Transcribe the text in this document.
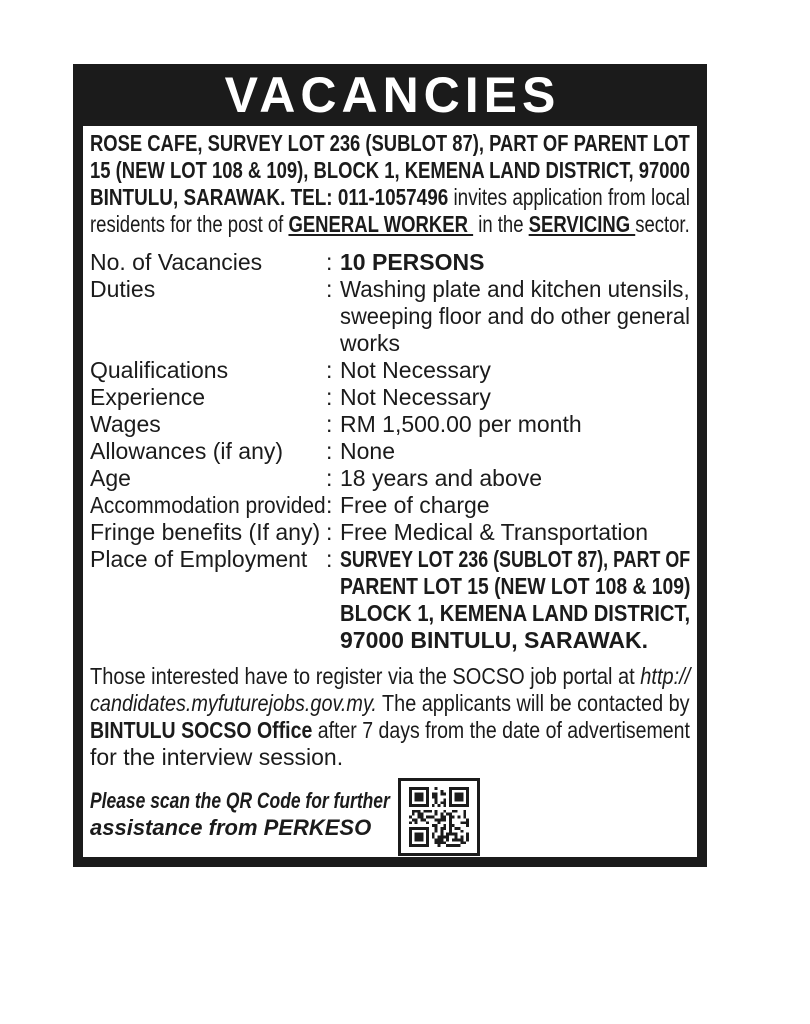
VACANCIES
ROSE CAFE, SURVEY LOT 236 (SUBLOT 87), PART OF PARENT LOT
15 (NEW LOT 108 & 109), BLOCK 1, KEMENA LAND DISTRICT, 97000
BINTULU, SARAWAK. TEL: 011-1057496 invites application from local
residents for the post of GENERAL WORKER  in the SERVICING sector.
No. of Vacancies	: 10 PERSONS
Duties	: Washing plate and kitchen utensils,
sweeping floor and do other general
works
Qualifications	: Not Necessary
Experience	: Not Necessary
Wages	: RM 1,500.00 per month
Allowances (if any)	: None
Age	: 18 years and above
Accommodation provided : Free of charge
Fringe benefits (If any) : Free Medical & Transportation
Place of Employment : SURVEY LOT 236 (SUBLOT 87), PART OF
PARENT LOT 15 (NEW LOT 108 & 109)
BLOCK 1, KEMENA LAND DISTRICT,
97000 BINTULU, SARAWAK.
Those interested have to register via the SOCSO job portal at http://
candidates.myfuturejobs.gov.my. The applicants will be contacted by
BINTULU SOCSO Office after 7 days from the date of advertisement
for the interview session.
Please scan the QR Code for further
assistance from PERKESO
